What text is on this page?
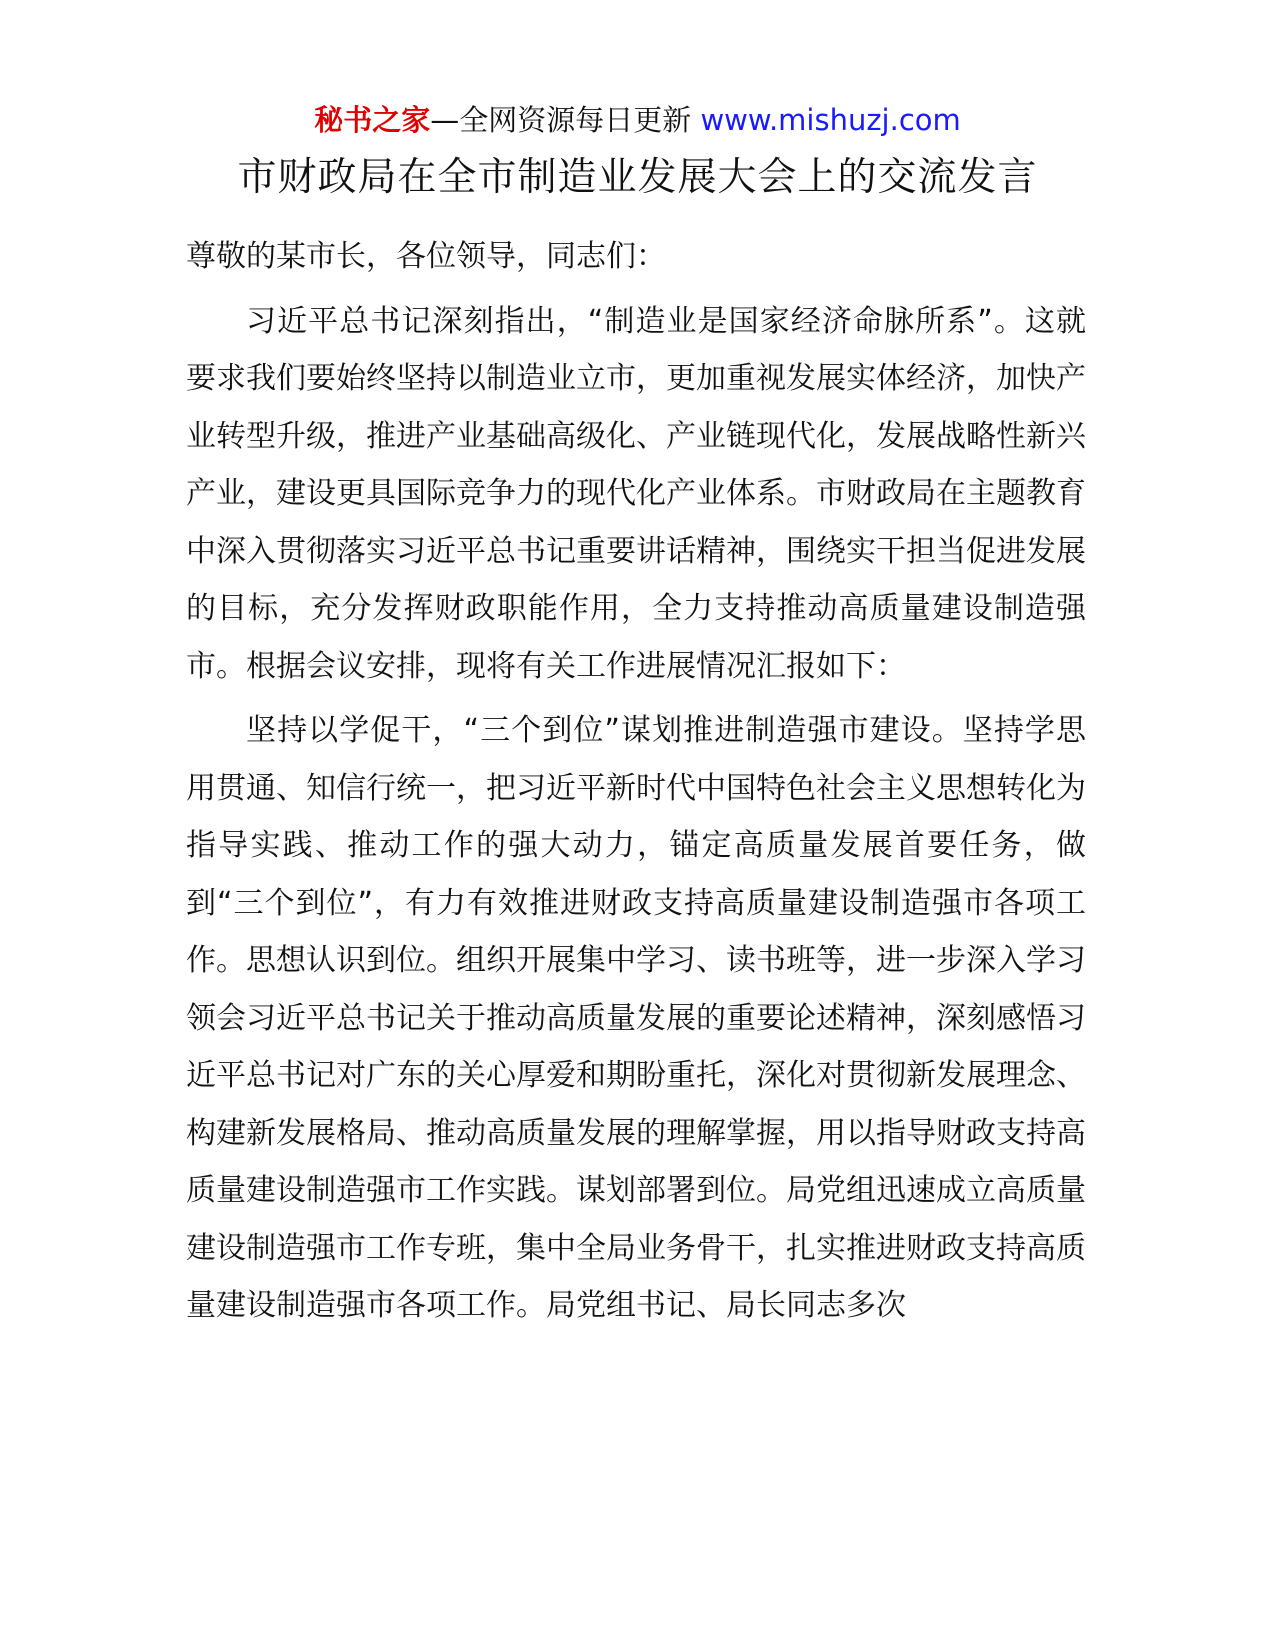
秘书之家—全网资源每日更新 www.mishuzj.com
市财政局在全市制造业发展大会上的交流发言

尊敬的某市长，各位领导，同志们：

习近平总书记深刻指出，“制造业是国家经济命脉所系”。这就要求我们要始终坚持以制造业立市，更加重视发展实体经济，加快产业转型升级，推进产业基础高级化、产业链现代化，发展战略性新兴产业，建设更具国际竞争力的现代化产业体系。市财政局在主题教育中深入贯彻落实习近平总书记重要讲话精神，围绕实干担当促进发展的目标，充分发挥财政职能作用，全力支持推动高质量建设制造强市。根据会议安排，现将有关工作进展情况汇报如下：

坚持以学促干，“三个到位”谋划推进制造强市建设。坚持学思用贯通、知信行统一，把习近平新时代中国特色社会主义思想转化为指导实践、推动工作的强大动力，锚定高质量发展首要任务，做到“三个到位”，有力有效推进财政支持高质量建设制造强市各项工作。思想认识到位。组织开展集中学习、读书班等，进一步深入学习领会习近平总书记关于推动高质量发展的重要论述精神，深刻感悟习近平总书记对广东的关心厚爱和期盼重托，深化对贯彻新发展理念、构建新发展格局、推动高质量发展的理解掌握，用以指导财政支持高质量建设制造强市工作实践。谋划部署到位。局党组迅速成立高质量建设制造强市工作专班，集中全局业务骨干，扎实推进财政支持高质量建设制造强市各项工作。局党组书记、局长同志多次
